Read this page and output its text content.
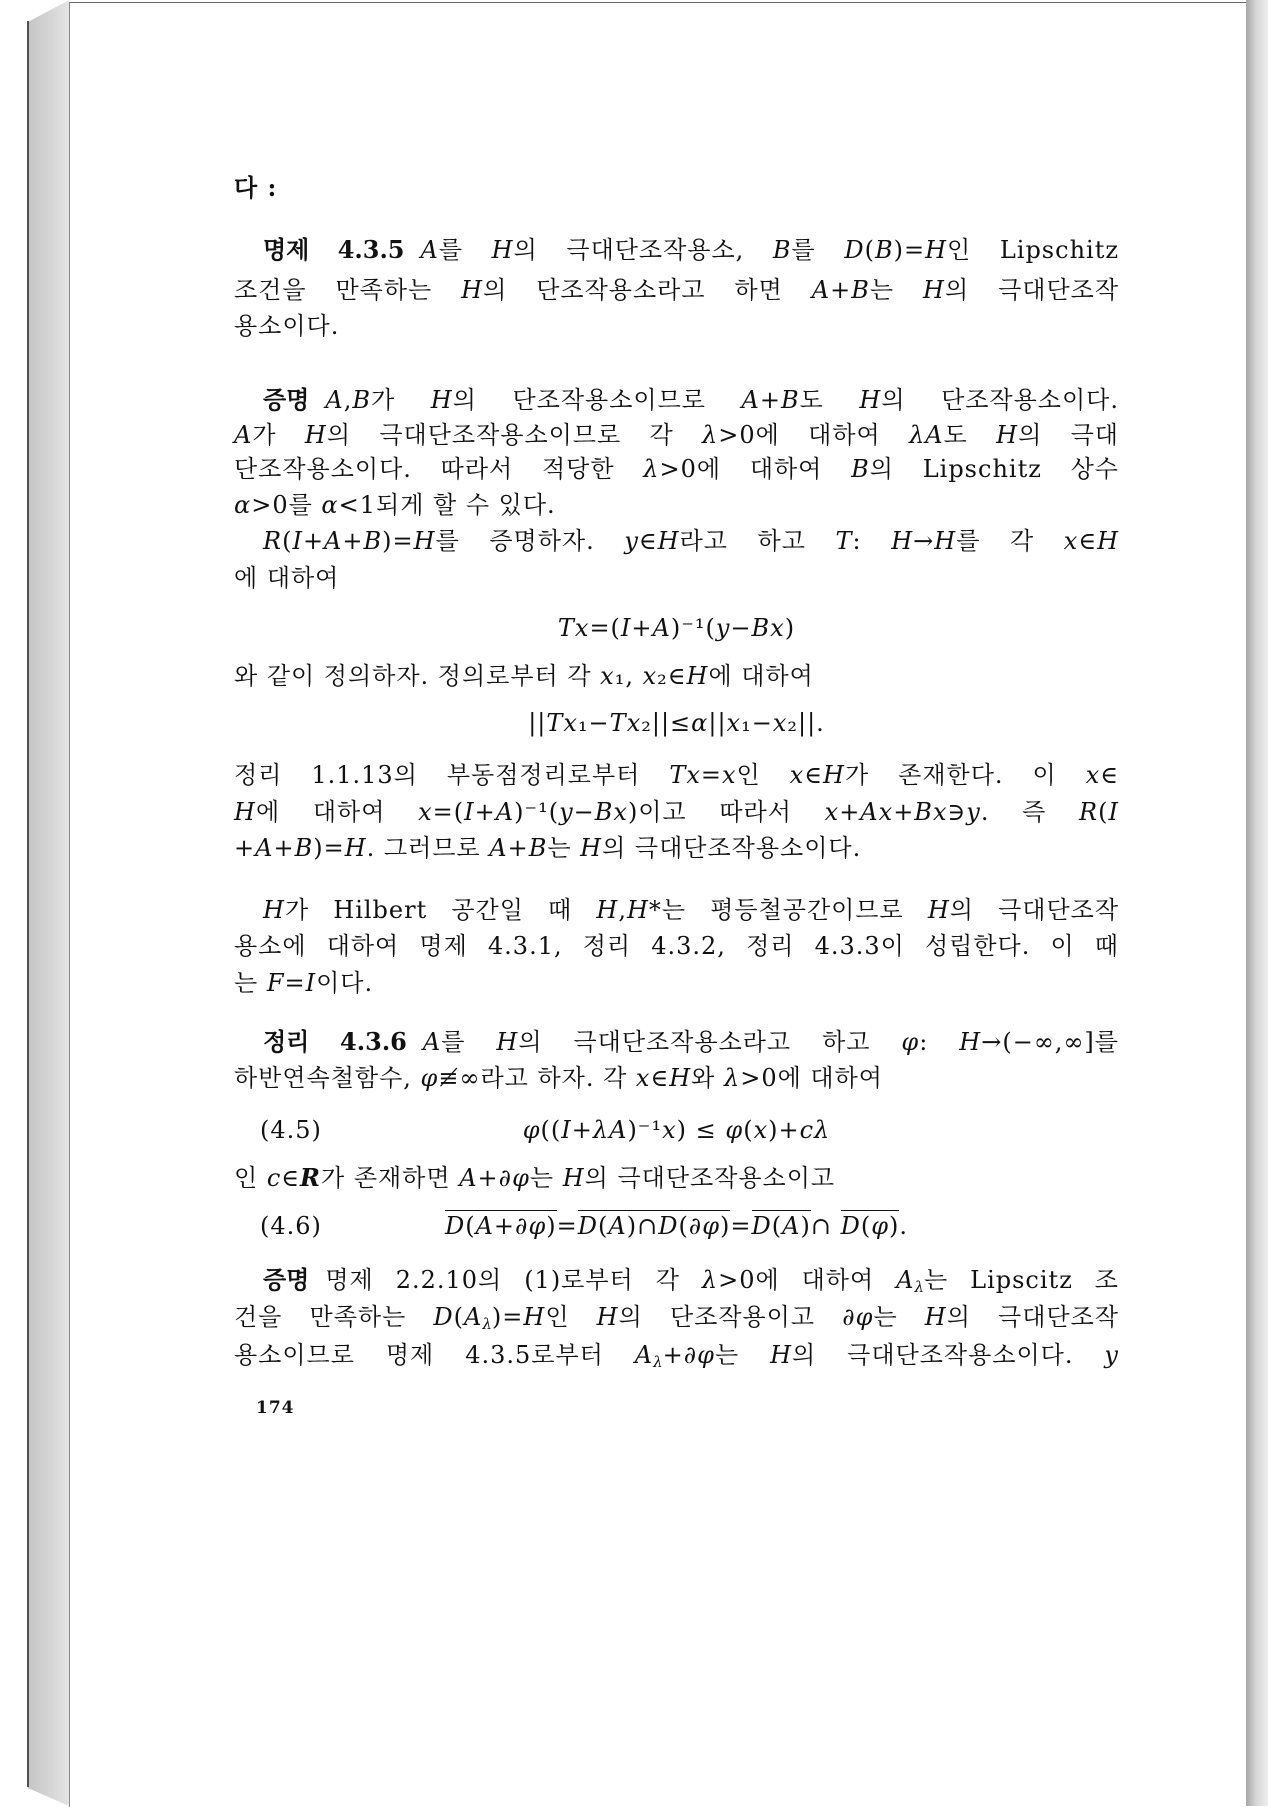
다 :
명제 4.3.5 A를 H의 극대단조작용소, B를 D(B)=H인 Lipschitz
조건을 만족하는 H의 단조작용소라고 하면 A+B는 H의 극대단조작
용소이다.
증명 A,B가 H의 단조작용소이므로 A+B도 H의 단조작용소이다.
A가 H의 극대단조작용소이므로 각 λ>0에 대하여 λA도 H의 극대
단조작용소이다. 따라서 적당한 λ>0에 대하여 B의 Lipschitz 상수
α>0를 α<1되게 할 수 있다.
R(I+A+B)=H를 증명하자. y∈H라고 하고 T: H→H를 각 x∈H
에 대하여
Tx=(I+A)⁻¹(y−Bx)
와 같이 정의하자. 정의로부터 각 x₁, x₂∈H에 대하여
||Tx₁−Tx₂||≤α||x₁−x₂||.
정리 1.1.13의 부동점정리로부터 Tx=x인 x∈H가 존재한다. 이 x∈
H에 대하여 x=(I+A)⁻¹(y−Bx)이고 따라서 x+Ax+Bx∋y. 즉 R(I
+A+B)=H. 그러므로 A+B는 H의 극대단조작용소이다.
H가 Hilbert 공간일 때 H,H*는 평등철공간이므로 H의 극대단조작
용소에 대하여 명제 4.3.1, 정리 4.3.2, 정리 4.3.3이 성립한다. 이 때
는 F=I이다.
정리 4.3.6 A를 H의 극대단조작용소라고 하고 φ: H→(−∞,∞]를
하반연속철함수, φ≢∞라고 하자. 각 x∈H와 λ>0에 대하여
(4.5)	φ((I+λA)⁻¹x) ≤ φ(x)+cλ
인 c∈R가 존재하면 A+∂φ는 H의 극대단조작용소이고
(4.6)	D(A+∂φ)=D(A)∩D(∂φ)=D(A)∩ D(φ).
증명 명제 2.2.10의 (1)로부터 각 λ>0에 대하여 $A_\lambda$는 Lipscitz 조
건을 만족하는 $D(A_\lambda)=H$인 H의 단조작용이고 ∂φ는 H의 극대단조작
용소이므로 명제 4.3.5로부터 $A_\lambda+\partial\varphi$는 H의 극대단조작용소이다. y
174
